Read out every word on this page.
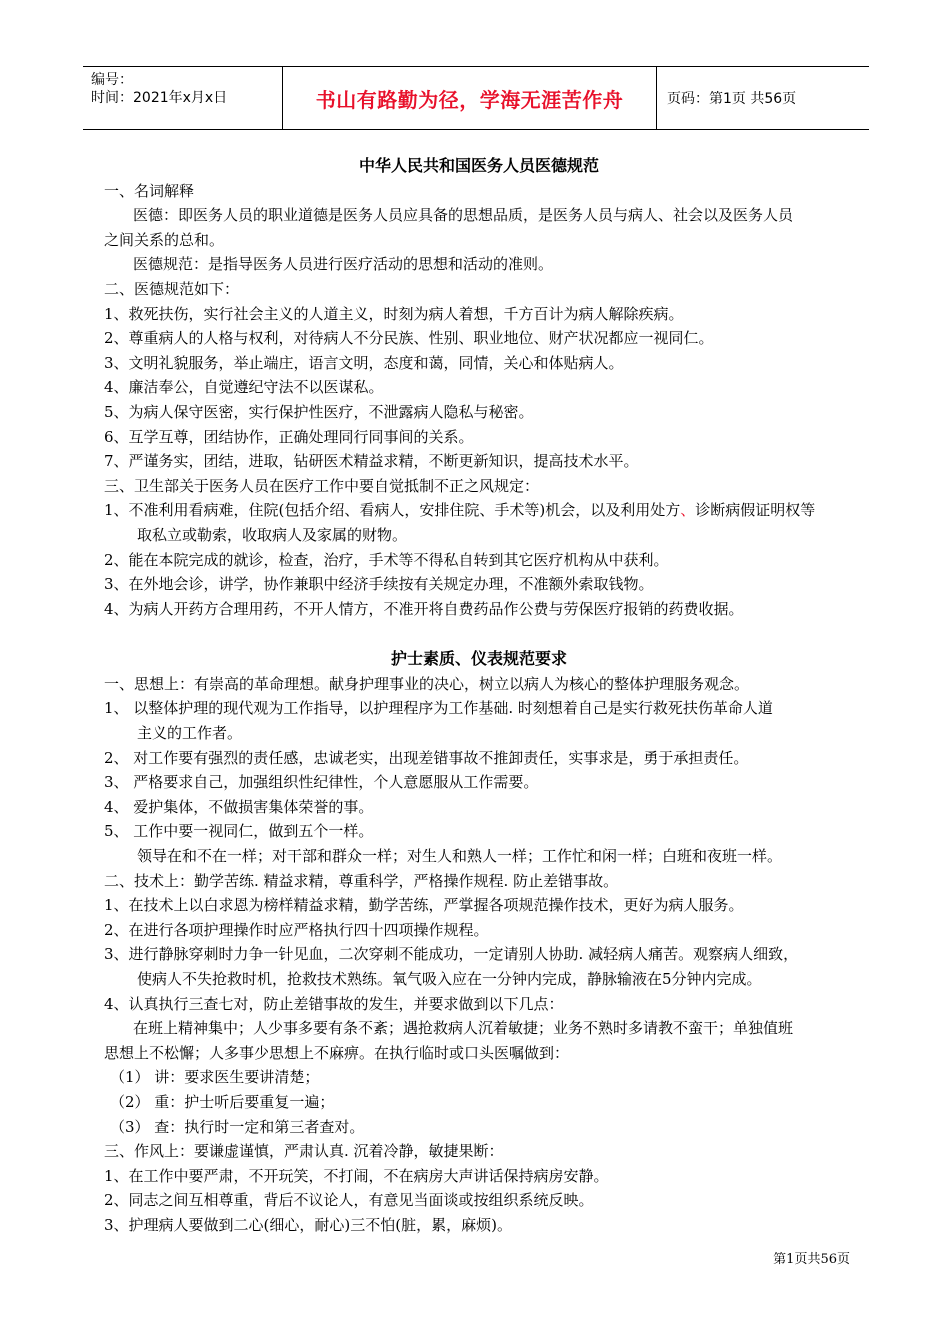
编号：
时间：2021年x月x日	书山有路勤为径，学海无涯苦作舟	页码：第1页 共56页
中华人民共和国医务人员医德规范
一、名词解释
医德：即医务人员的职业道德是医务人员应具备的思想品质，是医务人员与病人、社会以及医务人员
之间关系的总和。
医德规范：是指导医务人员进行医疗活动的思想和活动的准则。
二、医德规范如下：
1、救死扶伤，实行社会主义的人道主义，时刻为病人着想，千方百计为病人解除疾病。
2、尊重病人的人格与权利，对待病人不分民族、性别、职业地位、财产状况都应一视同仁。
3、文明礼貌服务，举止端庄，语言文明，态度和蔼，同情，关心和体贴病人。
4、廉洁奉公，自觉遵纪守法不以医谋私。
5、为病人保守医密，实行保护性医疗，不泄露病人隐私与秘密。
6、互学互尊，团结协作，正确处理同行同事间的关系。
7、严谨务实，团结，进取，钻研医术精益求精，不断更新知识，提高技术水平。
三、卫生部关于医务人员在医疗工作中要自觉抵制不正之风规定：
1、不准利用看病难，住院(包括介绍、看病人，安排住院、手术等)机会，以及利用处方、诊断病假证明权等
取私立或勒索，收取病人及家属的财物。
2、能在本院完成的就诊，检查，治疗，手术等不得私自转到其它医疗机构从中获利。
3、在外地会诊，讲学，协作兼职中经济手续按有关规定办理，不准额外索取钱物。
4、为病人开药方合理用药，不开人情方，不准开将自费药品作公费与劳保医疗报销的药费收据。
护士素质、仪表规范要求
一、思想上：有崇高的革命理想。献身护理事业的决心，树立以病人为核心的整体护理服务观念。
1、 以整体护理的现代观为工作指导，以护理程序为工作基础. 时刻想着自己是实行救死扶伤革命人道
主义的工作者。
2、 对工作要有强烈的责任感，忠诚老实，出现差错事故不推卸责任，实事求是，勇于承担责任。
3、 严格要求自己，加强组织性纪律性，个人意愿服从工作需要。
4、 爱护集体，不做损害集体荣誉的事。
5、 工作中要一视同仁，做到五个一样。
领导在和不在一样；对干部和群众一样；对生人和熟人一样；工作忙和闲一样；白班和夜班一样。
二、技术上：勤学苦练. 精益求精，尊重科学，严格操作规程. 防止差错事故。
1、在技术上以白求恩为榜样精益求精，勤学苦练，严掌握各项规范操作技术，更好为病人服务。
2、在进行各项护理操作时应严格执行四十四项操作规程。
3、进行静脉穿刺时力争一针见血，二次穿刺不能成功，一定请别人协助. 减轻病人痛苦。观察病人细致，
使病人不失抢救时机，抢救技术熟练。氧气吸入应在一分钟内完成，静脉输液在5分钟内完成。
4、认真执行三查七对，防止差错事故的发生，并要求做到以下几点：
在班上精神集中；人少事多要有条不紊；遇抢救病人沉着敏捷；业务不熟时多请教不蛮干；单独值班
思想上不松懈；人多事少思想上不麻痹。在执行临时或口头医嘱做到：
（1） 讲：要求医生要讲清楚；
（2） 重：护士听后要重复一遍；
（3） 查：执行时一定和第三者查对。
三、作风上：要谦虚谨慎，严肃认真. 沉着冷静，敏捷果断：
1、在工作中要严肃，不开玩笑，不打闹，不在病房大声讲话保持病房安静。
2、同志之间互相尊重，背后不议论人，有意见当面谈或按组织系统反映。
3、护理病人要做到二心(细心，耐心)三不怕(脏，累，麻烦)。
第1页共56页
